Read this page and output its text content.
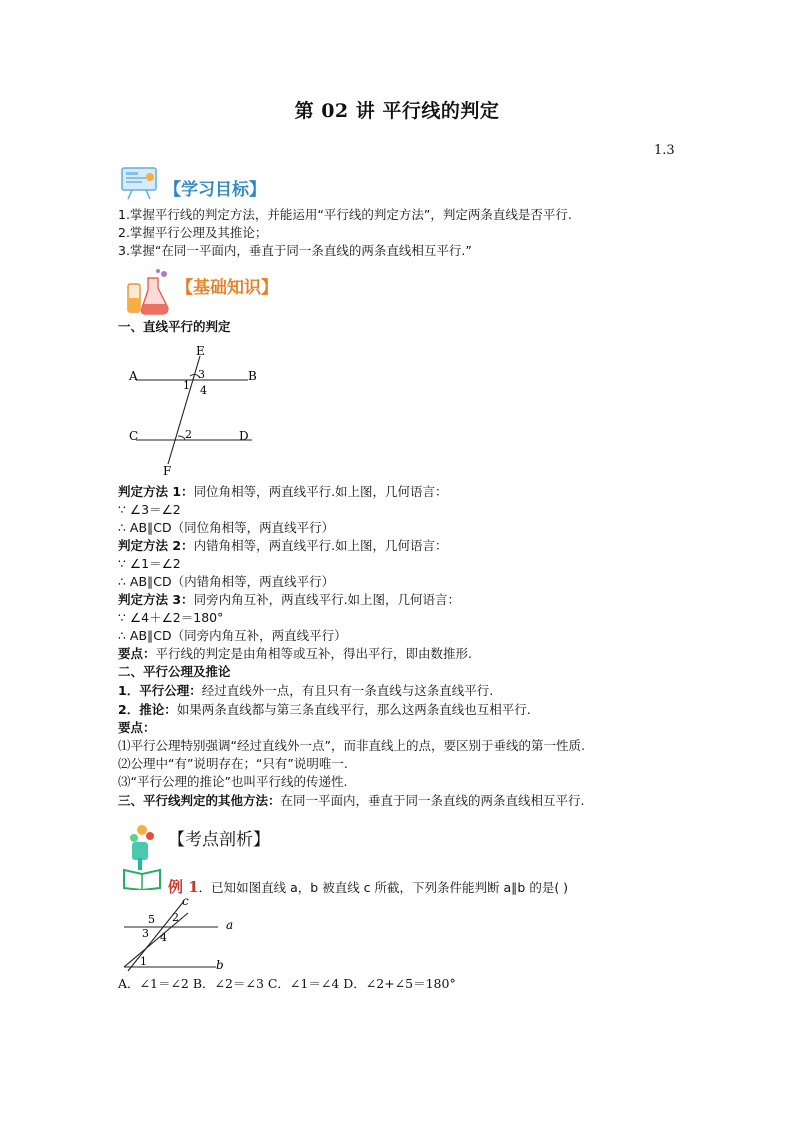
第 02 讲 平行线的判定
1.3
【学习目标】
1.掌握平行线的判定方法，并能运用“平行线的判定方法”，判定两条直线是否平行.
2.掌握平行公理及其推论；
3.掌握“在同一平面内，垂直于同一条直线的两条直线相互平行.”
【基础知识】
一、直线平行的判定
E
A	B
C	D
F
1
3
4
2
判定方法 1：同位角相等，两直线平行.如上图，几何语言：
∵ ∠3＝∠2
∴ AB∥CD（同位角相等，两直线平行）
判定方法 2：内错角相等，两直线平行.如上图，几何语言：
∵ ∠1＝∠2
∴ AB∥CD（内错角相等，两直线平行）
判定方法 3：同旁内角互补，两直线平行.如上图，几何语言：
∵ ∠4＋∠2＝180°
∴ AB∥CD（同旁内角互补，两直线平行）
要点：平行线的判定是由角相等或互补，得出平行，即由数推形.
二、平行公理及推论
1．平行公理：经过直线外一点，有且只有一条直线与这条直线平行.
2．推论：如果两条直线都与第三条直线平行，那么这两条直线也互相平行.
要点：
⑴平行公理特别强调“经过直线外一点”，而非直线上的点，要区别于垂线的第一性质.
⑵公理中“有”说明存在；“只有”说明唯一.
⑶“平行公理的推论”也叫平行线的传递性.
三、平行线判定的其他方法：在同一平面内，垂直于同一条直线的两条直线相互平行.
【考点剖析】
例 1．已知如图直线 a，b 被直线 c 所截，下列条件能判断 a∥b 的是( )
c
a
b
1
2
3 4
5
A．∠1＝∠2 B．∠2＝∠3 C．∠1＝∠4 D．∠2+∠5＝180°
